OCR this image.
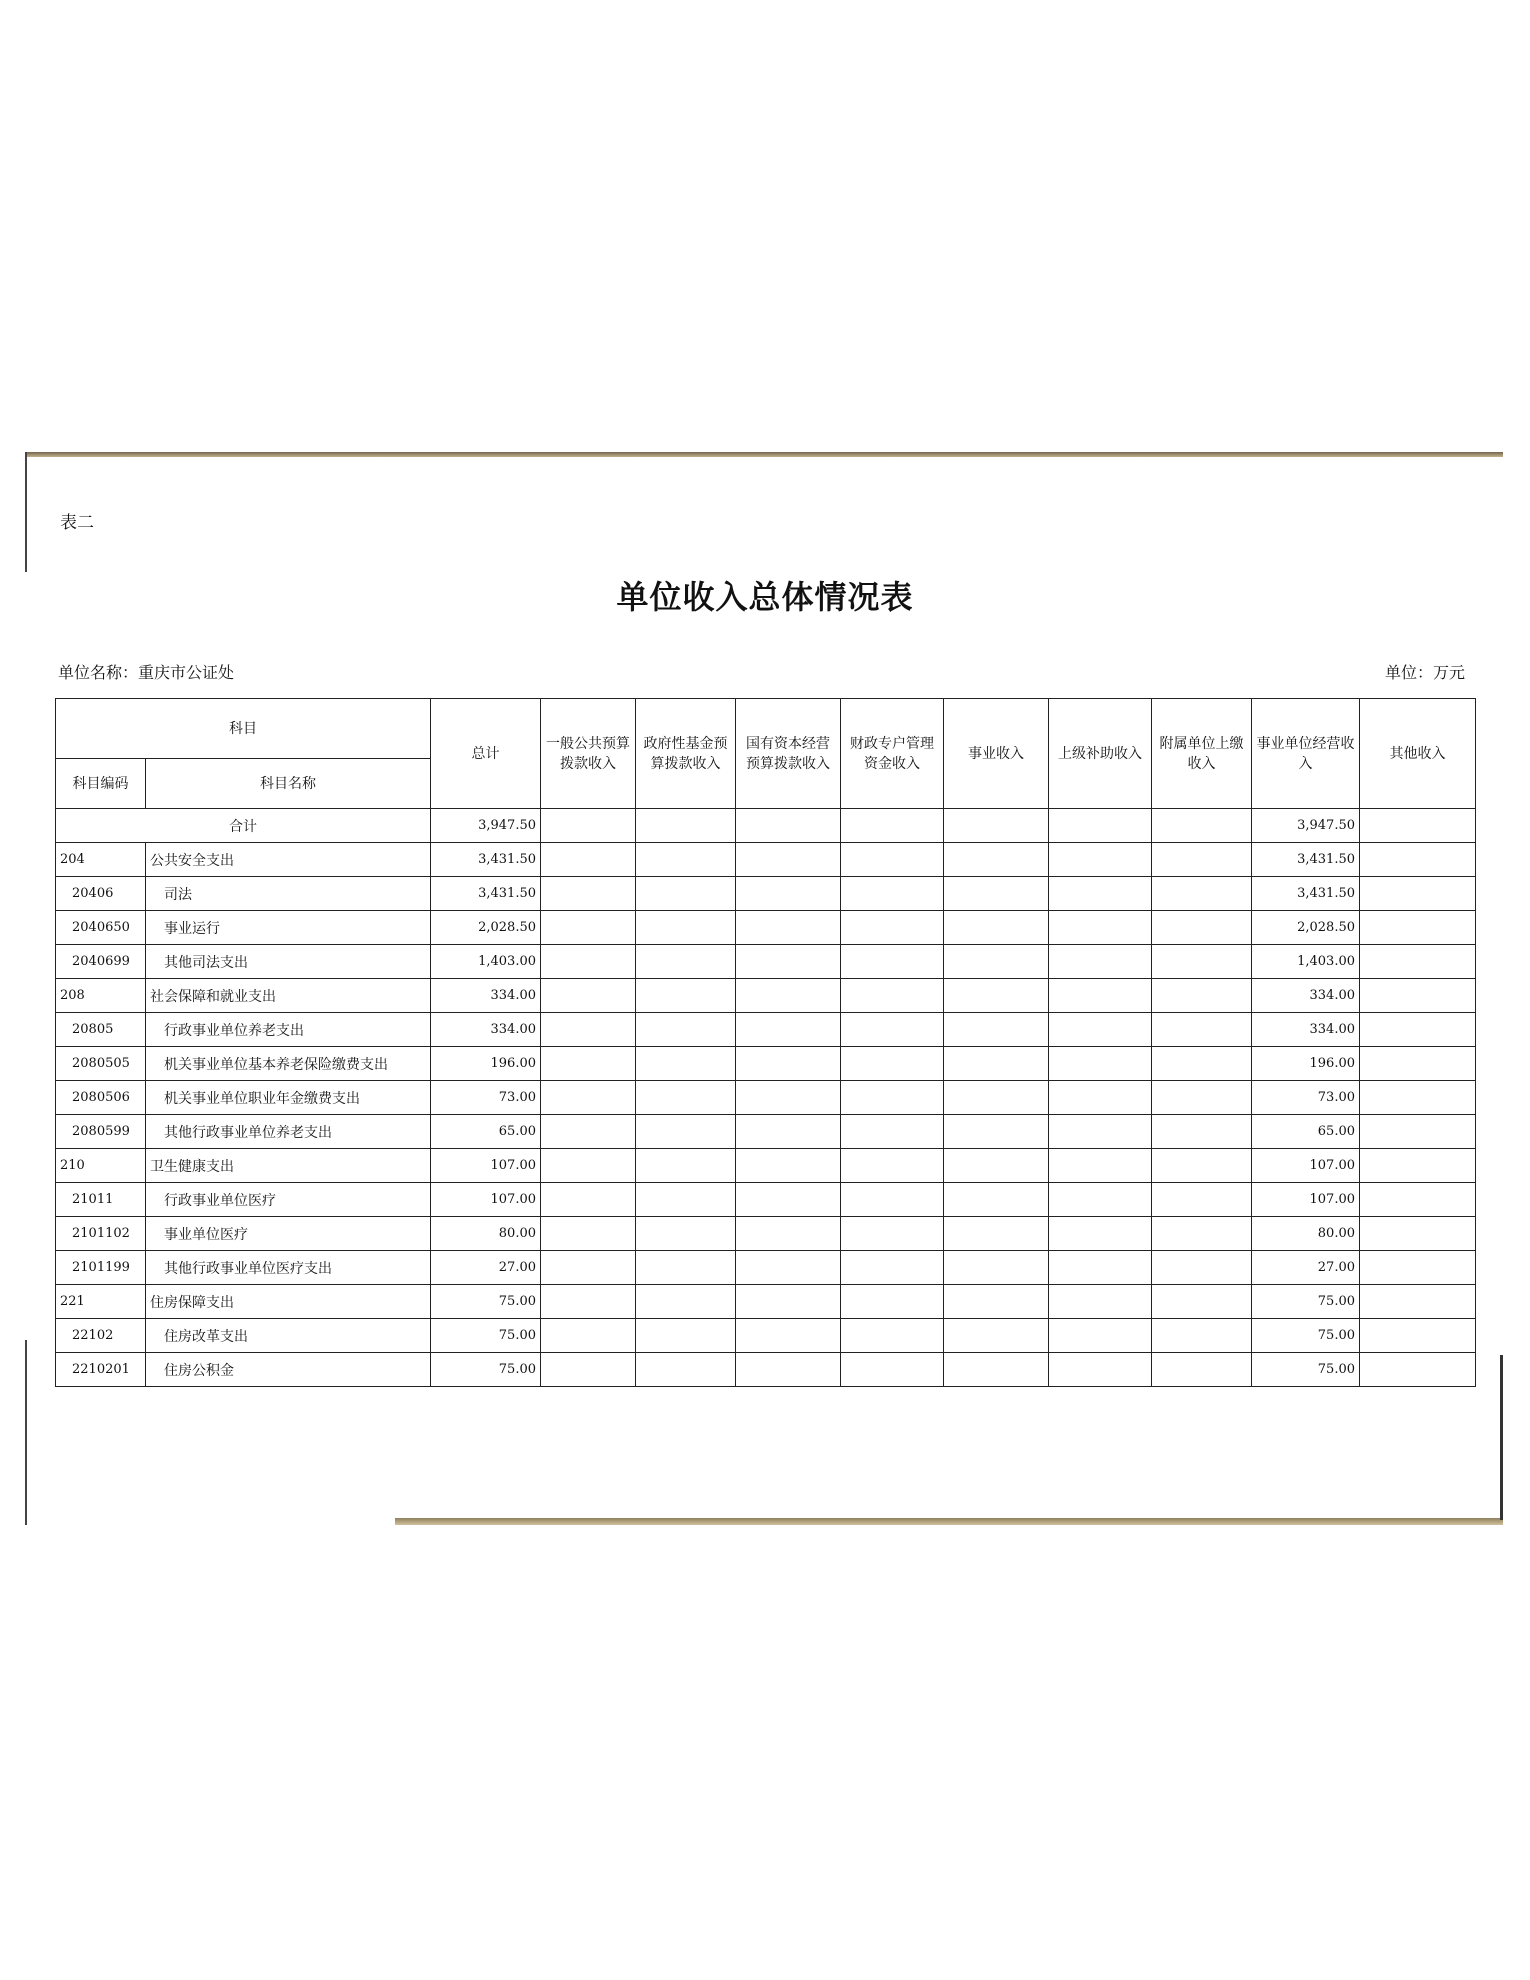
表二
单位收入总体情况表
单位名称：重庆市公证处	单位：万元
科目		总计	一般公共预算拨款收入	政府性基金预算拨款收入	国有资本经营预算拨款收入	财政专户管理资金收入	事业收入	上级补助收入	附属单位上缴收入	事业单位经营收入	其他收入
科目编码	科目名称										
合计		3,947.50								3,947.50	
204	公共安全支出	3,431.50								3,431.50	
20406	司法	3,431.50								3,431.50	
2040650	事业运行	2,028.50								2,028.50	
2040699	其他司法支出	1,403.00								1,403.00	
208	社会保障和就业支出	334.00								334.00	
20805	行政事业单位养老支出	334.00								334.00	
2080505	机关事业单位基本养老保险缴费支出	196.00								196.00	
2080506	机关事业单位职业年金缴费支出	73.00								73.00	
2080599	其他行政事业单位养老支出	65.00								65.00	
210	卫生健康支出	107.00								107.00	
21011	行政事业单位医疗	107.00								107.00	
2101102	事业单位医疗	80.00								80.00	
2101199	其他行政事业单位医疗支出	27.00								27.00	
221	住房保障支出	75.00								75.00	
22102	住房改革支出	75.00								75.00	
2210201	住房公积金	75.00								75.00	
